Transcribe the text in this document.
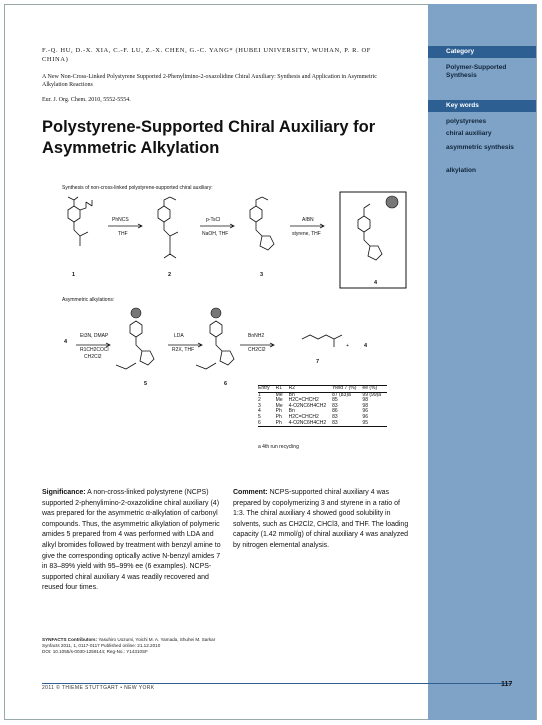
Category
Polymer-Supported Synthesis
Key words
polystyrenes
chiral auxiliary
asymmetric synthesis
alkylation
F.-Q. HU, D.-X. XIA, C.-F. LU, Z.-X. CHEN, G.-C. YANG* (HUBEI UNIVERSITY, WUHAN, P. R. OF CHINA)
A New Non-Cross-Linked Polystyrene Supported 2-Phenylimino-2-oxazolidine Chiral Auxiliary: Synthesis and Application in Asymmetric Alkylation Reactions
Eur. J. Org. Chem. 2010, 5552-5554.
Polystyrene-Supported Chiral Auxiliary for Asymmetric Alkylation
Synthesis of non-cross-linked polystyrene-supported chiral auxiliary:
PhNCS
THF
p-TsCl
NaOH, THF
AIBN
styrene, THF
1	2	3
4
Asymmetric alkylations:
4
Et3N, DMAP
R1CH2COCl
CH2Cl2
LDA
R2X, THF
BnNH2
CH2Cl2
5	6
7
+	4
Entry	R1	R2	Yield 7 (%)	ee (%)
1	Me	Bn	87 (83)a	99 (99)a
2	Me	H2C=CHCH2	85	98
3	Me	4-O2NC6H4CH2	83	98
4	Ph	Bn	86	96
5	Ph	H2C=CHCH2	83	96
6	Ph	4-O2NC6H4CH2	83	95
a 4th run recycling
Significance: A non-cross-linked polystyrene (NCPS) supported 2-phenylimino-2-oxazolidine chiral auxiliary (4) was prepared for the asymmetric α-alkylation of carbonyl compounds. Thus, the asymmetric alkylation of polymeric amides 5 prepared from 4 was performed with LDA and alkyl bromides followed by treatment with benzyl amine to give the corresponding optically active N-benzyl amides 7 in 83–89% yield with 95–99% ee (6 examples). NCPS-supported chiral auxiliary 4 was readily recovered and reused four times.
Comment: NCPS-supported chiral auxiliary 4 was prepared by copolymerizing 3 and styrene in a ratio of 1:3. The chiral auxiliary 4 showed good solubility in solvents, such as CH2Cl2, CHCl3, and THF. The loading capacity (1.42 mmol/g) of chiral auxiliary 4 was analyzed by nitrogen elemental analysis.
SYNFACTS Contributors: Yasuhiro Uozumi, Yoichi M. A. Yamada, Shuhei M. Sarkar
Synfacts 2011, 1, 0117-0117 Published online: 21.12.2010
DOI: 10.1055/s-0030-1259144; Reg-No.: Y14310SF
2011 © THIEME STUTTGART • NEW YORK	117
